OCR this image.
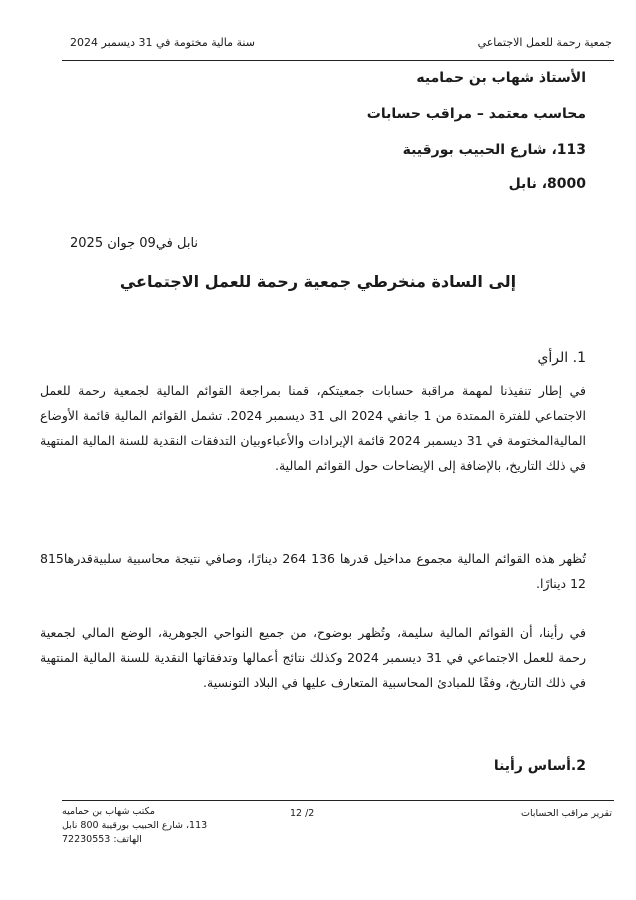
جمعية رحمة للعمل الاجتماعي
سنة مالية مختومة في 31 ديسمبر 2024
الأستاذ شهاب بن حماميه
محاسب معتمد – مراقب حسابات
113، شارع الحبيب بورقيبة
8000، نابل
نابل في09 جوان 2025
إلى السادة منخرطي جمعية رحمة للعمل الاجتماعي
1. الرأي
في إطار تنفيذنا لمهمة مراقبة حسابات جمعيتكم، قمنا بمراجعة القوائم المالية لجمعية رحمة للعمل الاجتماعي للفترة الممتدة من 1 جانفي 2024 الى 31 ديسمبر 2024. تشمل القوائم المالية قائمة الأوضاع الماليةالمختومة في 31 ديسمبر 2024 قائمة الإيرادات والأعباءوبيان التدفقات النقدية للسنة المالية المنتهية في ذلك التاريخ، بالإضافة إلى الإيضاحات حول القوائم المالية.
تُظهر هذه القوائم المالية مجموع مداخيل قدرها 136 264 دينارًا، وصافي نتيجة محاسبية سلبيةقدرها815 12 دينارًا.
في رأينا، أن القوائم المالية سليمة، وتُظهر بوضوح، من جميع النواحي الجوهرية، الوضع المالي لجمعية رحمة للعمل الاجتماعي في 31 ديسمبر 2024 وكذلك نتائج أعمالها وتدفقاتها النقدية للسنة المالية المنتهية في ذلك التاريخ، وفقًا للمبادئ المحاسبية المتعارف عليها في البلاد التونسية.
2.أساس رأينا
مكتب شهاب بن حماميه
113، شارع الحبيب بورقيبة 800 نابل
الهاتف: 72230553
12 /2	تقرير مراقب الحسابات
